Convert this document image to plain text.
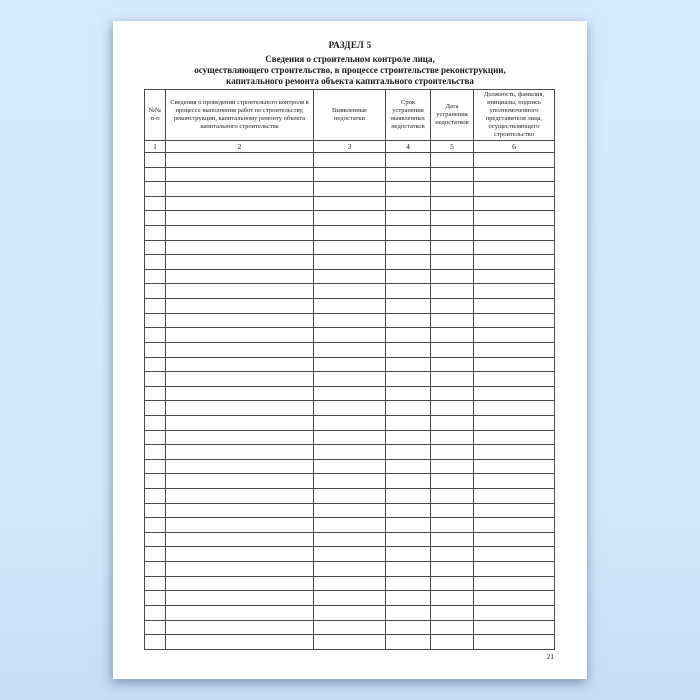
РАЗДЕЛ 5
Сведения о строительном контроле лица,
осуществляющего строительство, в процессе строительстве реконструкции,
капитального ремонта объекта капитального строительства
№№ п-п	Сведения о проведении строительного контроля в процессе выполнения работ по строительству, реконструкции, капитальному ремонту объекта капитального строительства	Выявленные недостатки	Срок устранения выявленных недостатков	Дата устранения недостатков	Должность, фамилия, инициалы, подпись уполномоченного представителя лица, осуществляющего строительство
1	2	3	4	5	6

21
